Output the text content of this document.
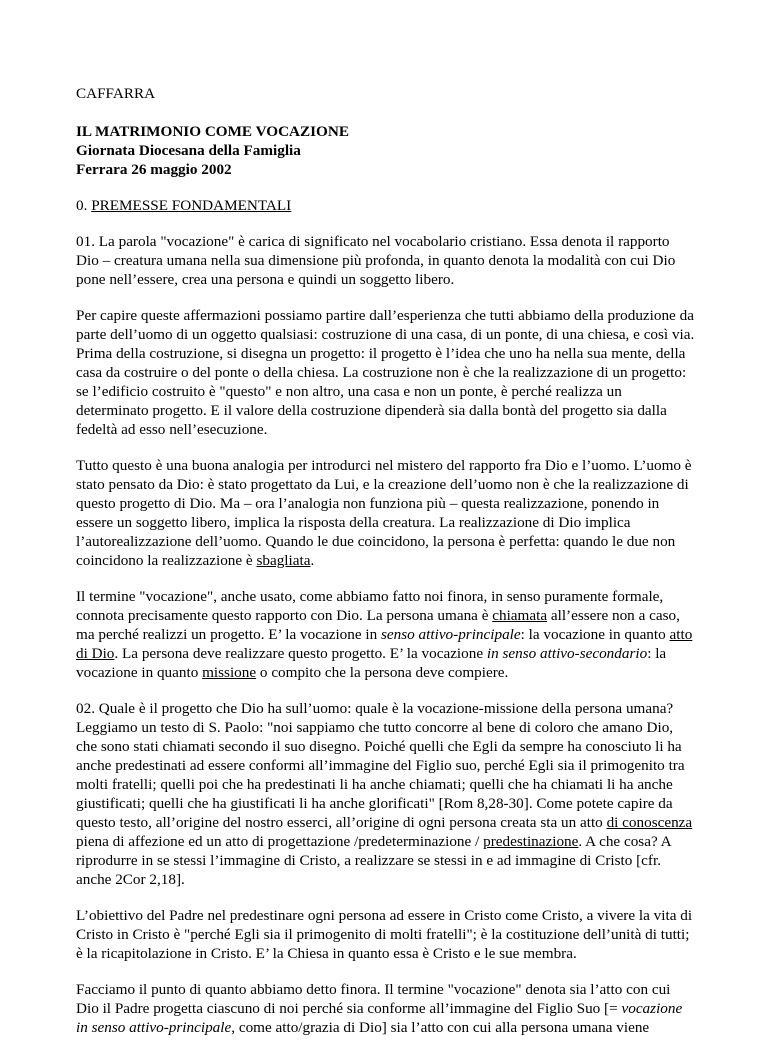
CAFFARRA

IL MATRIMONIO COME VOCAZIONE
Giornata Diocesana della Famiglia
Ferrara 26 maggio 2002

0. PREMESSE FONDAMENTALI

01. La parola "vocazione" è carica di significato nel vocabolario cristiano. Essa denota il rapporto Dio – creatura umana nella sua dimensione più profonda, in quanto denota la modalità con cui Dio pone nell’essere, crea una persona e quindi un soggetto libero.

Per capire queste affermazioni possiamo partire dall’esperienza che tutti abbiamo della produzione da parte dell’uomo di un oggetto qualsiasi: costruzione di una casa, di un ponte, di una chiesa, e così via. Prima della costruzione, si disegna un progetto: il progetto è l’idea che uno ha nella sua mente, della casa da costruire o del ponte o della chiesa. La costruzione non è che la realizzazione di un progetto: se l’edificio costruito è "questo" e non altro, una casa e non un ponte, è perché realizza un determinato progetto. E il valore della costruzione dipenderà sia dalla bontà del progetto sia dalla fedeltà ad esso nell’esecuzione.

Tutto questo è una buona analogia per introdurci nel mistero del rapporto fra Dio e l’uomo. L’uomo è stato pensato da Dio: è stato progettato da Lui, e la creazione dell’uomo non è che la realizzazione di questo progetto di Dio. Ma – ora l’analogia non funziona più – questa realizzazione, ponendo in essere un soggetto libero, implica la risposta della creatura. La realizzazione di Dio implica l’autorealizzazione dell’uomo. Quando le due coincidono, la persona è perfetta: quando le due non coincidono la realizzazione è sbagliata.

Il termine "vocazione", anche usato, come abbiamo fatto noi finora, in senso puramente formale, connota precisamente questo rapporto con Dio. La persona umana è chiamata all’essere non a caso, ma perché realizzi un progetto. E’ la vocazione in senso attivo-principale: la vocazione in quanto atto di Dio. La persona deve realizzare questo progetto. E’ la vocazione in senso attivo-secondario: la vocazione in quanto missione o compito che la persona deve compiere.

02. Quale è il progetto che Dio ha sull’uomo: quale è la vocazione-missione della persona umana? Leggiamo un testo di S. Paolo: "noi sappiamo che tutto concorre al bene di coloro che amano Dio, che sono stati chiamati secondo il suo disegno. Poiché quelli che Egli da sempre ha conosciuto li ha anche predestinati ad essere conformi all’immagine del Figlio suo, perché Egli sia il primogenito tra molti fratelli; quelli poi che ha predestinati li ha anche chiamati; quelli che ha chiamati li ha anche giustificati; quelli che ha giustificati li ha anche glorificati" [Rom 8,28-30]. Come potete capire da questo testo, all’origine del nostro esserci, all’origine di ogni persona creata sta un atto di conoscenza piena di affezione ed un atto di progettazione /predeterminazione / predestinazione. A che cosa? A riprodurre in se stessi l’immagine di Cristo, a realizzare se stessi in e ad immagine di Cristo [cfr. anche 2Cor 2,18].

L’obiettivo del Padre nel predestinare ogni persona ad essere in Cristo come Cristo, a vivere la vita di Cristo in Cristo è "perché Egli sia il primogenito di molti fratelli"; è la costituzione dell’unità di tutti; è la ricapitolazione in Cristo. E’ la Chiesa in quanto essa è Cristo e le sue membra.

Facciamo il punto di quanto abbiamo detto finora. Il termine "vocazione" denota sia l’atto con cui Dio il Padre progetta ciascuno di noi perché sia conforme all’immagine del Figlio Suo [= vocazione in senso attivo-principale, come atto/grazia di Dio] sia l’atto con cui alla persona umana viene
